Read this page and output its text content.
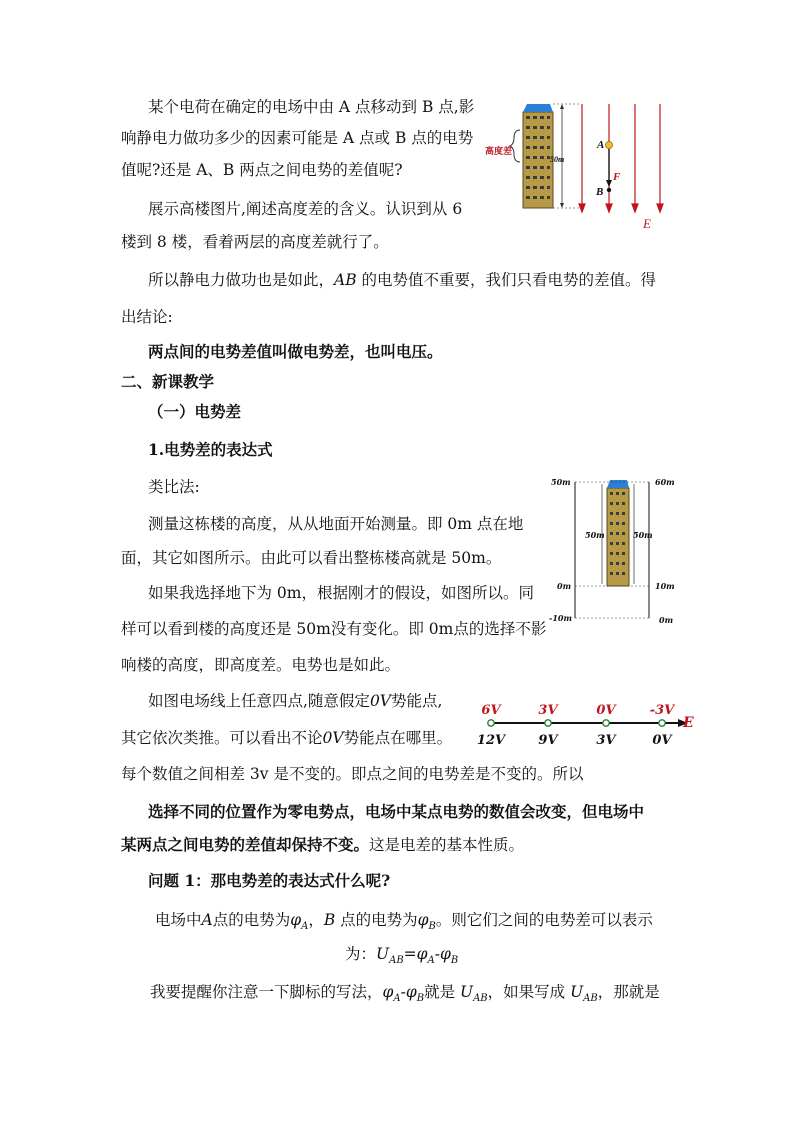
某个电荷在确定的电场中由 A 点移动到 B 点,影
响静电力做功多少的因素可能是 A 点或 B 点的电势
值呢?还是 A、B 两点之间电势的差值呢?
展示高楼图片,阐述高度差的含义。认识到从 6
楼到 8 楼，看着两层的高度差就行了。
所以静电力做功也是如此，AB 的电势值不重要，我们只看电势的差值。得
出结论:
两点间的电势差值叫做电势差，也叫电压。
二、新课教学
（一）电势差
1.电势差的表达式
类比法:
测量这栋楼的高度，从从地面开始测量。即 0m 点在地
面，其它如图所示。由此可以看出整栋楼高就是 50m。
如果我选择地下为 0m，根据刚才的假设，如图所以。同
样可以看到楼的高度还是 50m没有变化。即 0m点的选择不影
响楼的高度，即高度差。电势也是如此。
如图电场线上任意四点,随意假定0V势能点,
其它依次类推。可以看出不论0V势能点在哪里。
每个数值之间相差 3v 是不变的。即点之间的电势差是不变的。所以
选择不同的位置作为零电势点，电场中某点电势的数值会改变，但电场中
某两点之间电势的差值却保持不变。这是电差的基本性质。
问题 1：那电势差的表达式什么呢?
电场中A点的电势为$\varphi_A$，B 点的电势为$\varphi_B$。则它们之间的电势差可以表示
为：$U_{AB}=\varphi_A-\varphi_B$
我要提醒你注意一下脚标的写法，$\varphi_A-\varphi_B$就是 $U_{AB}$，如果写成 $U_{AB}$，那就是
高度差
50m
A
B
F
E
50m
50m
0m
-10m
60m
50m
10m
0m
E
6V
12V
3V
9V
0V
3V
-3V
0V
